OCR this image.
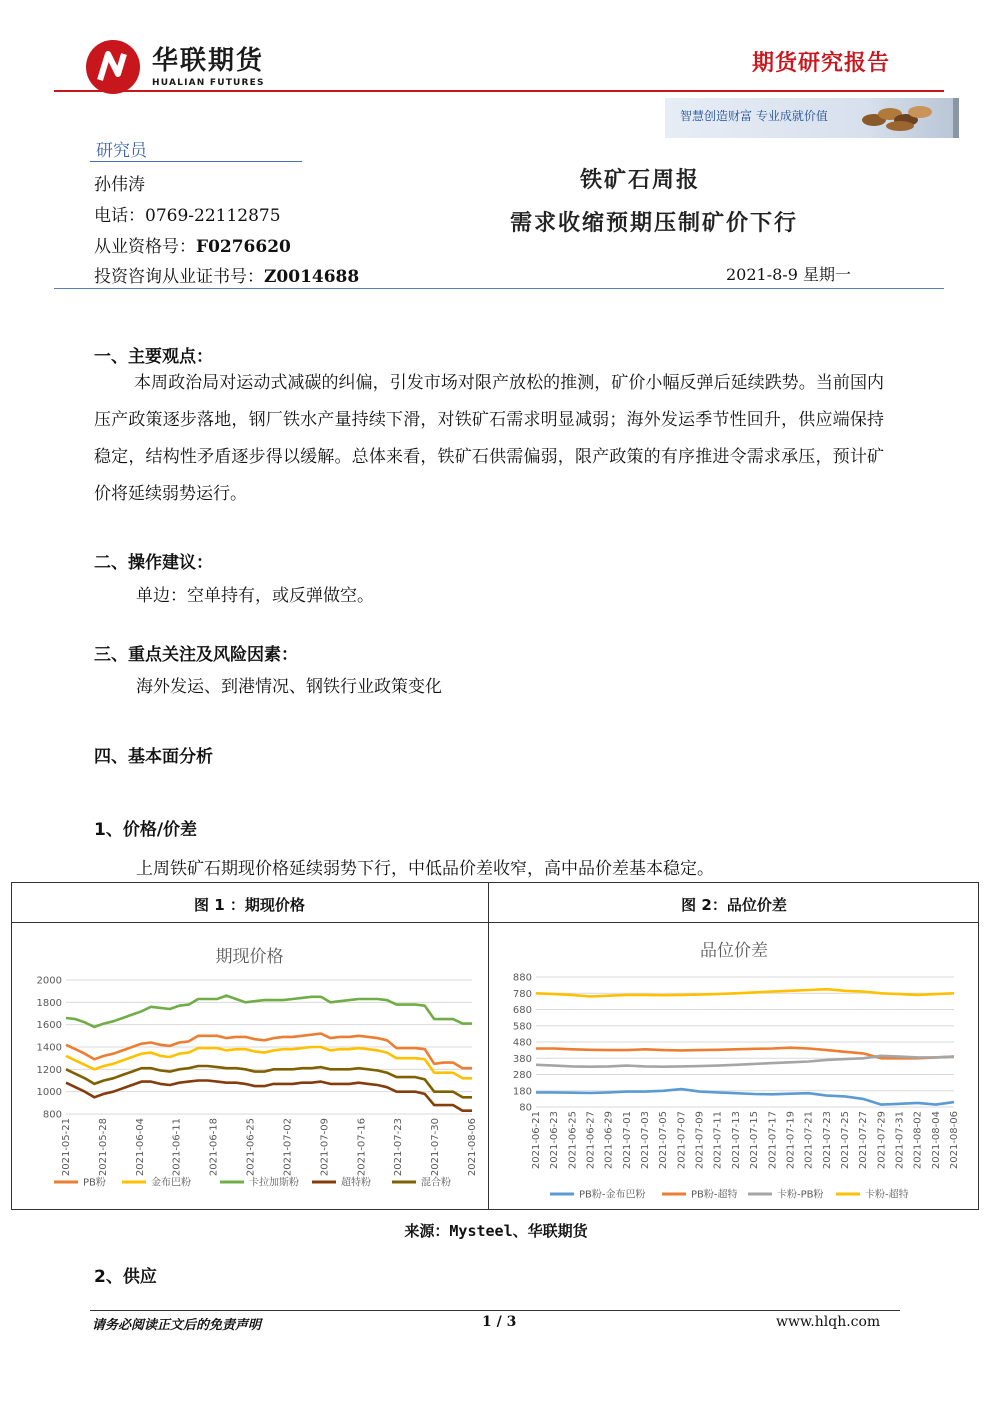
华联期货
HUALIAN FUTURES
期货研究报告
智慧创造财富 专业成就价值
研究员
孙伟涛
电话：0769-22112875
从业资格号：F0276620
投资咨询从业证书号：Z0014688
铁矿石周报
需求收缩预期压制矿价下行
2021-8-9 星期一
一、主要观点：
本周政治局对运动式减碳的纠偏，引发市场对限产放松的推测，矿价小幅反弹后延续跌势。当前国内压产政策逐步落地，钢厂铁水产量持续下滑，对铁矿石需求明显减弱；海外发运季节性回升，供应端保持稳定，结构性矛盾逐步得以缓解。总体来看，铁矿石供需偏弱，限产政策的有序推进令需求承压，预计矿价将延续弱势运行。
二、操作建议：
单边：空单持有，或反弹做空。
三、重点关注及风险因素：
海外发运、到港情况、钢铁行业政策变化
四、基本面分析
1、价格/价差
上周铁矿石期现价格延续弱势下行，中低品价差收窄，高中品价差基本稳定。
图 1 ：期现价格	图 2：品位价差
期现价格
800
1000
1200
1400
1600
1800
2000
2021-05-21	2021-05-28	2021-06-04	2021-06-11	2021-06-18	2021-06-25	2021-07-02	2021-07-09	2021-07-16	2021-07-23	2021-07-30	2021-08-06
PB粉	金布巴粉	卡拉加斯粉	超特粉	混合粉
品位价差
80
180
280
380
480
580
680
780
880
2021-06-21 2021-06-23 2021-06-25 2021-06-27 2021-06-29 2021-07-01 2021-07-03 2021-07-05 2021-07-07 2021-07-09 2021-07-11 2021-07-13 2021-07-15 2021-07-17 2021-07-19 2021-07-21 2021-07-23 2021-07-25 2021-07-27 2021-07-29 2021-07-31 2021-08-02 2021-08-04 2021-08-06
PB粉-金布巴粉	PB粉-超特	卡粉-PB粉	卡粉-超特
来源：Mysteel、华联期货
2、供应
请务必阅读正文后的免责声明	1 / 3	www.hlqh.com
